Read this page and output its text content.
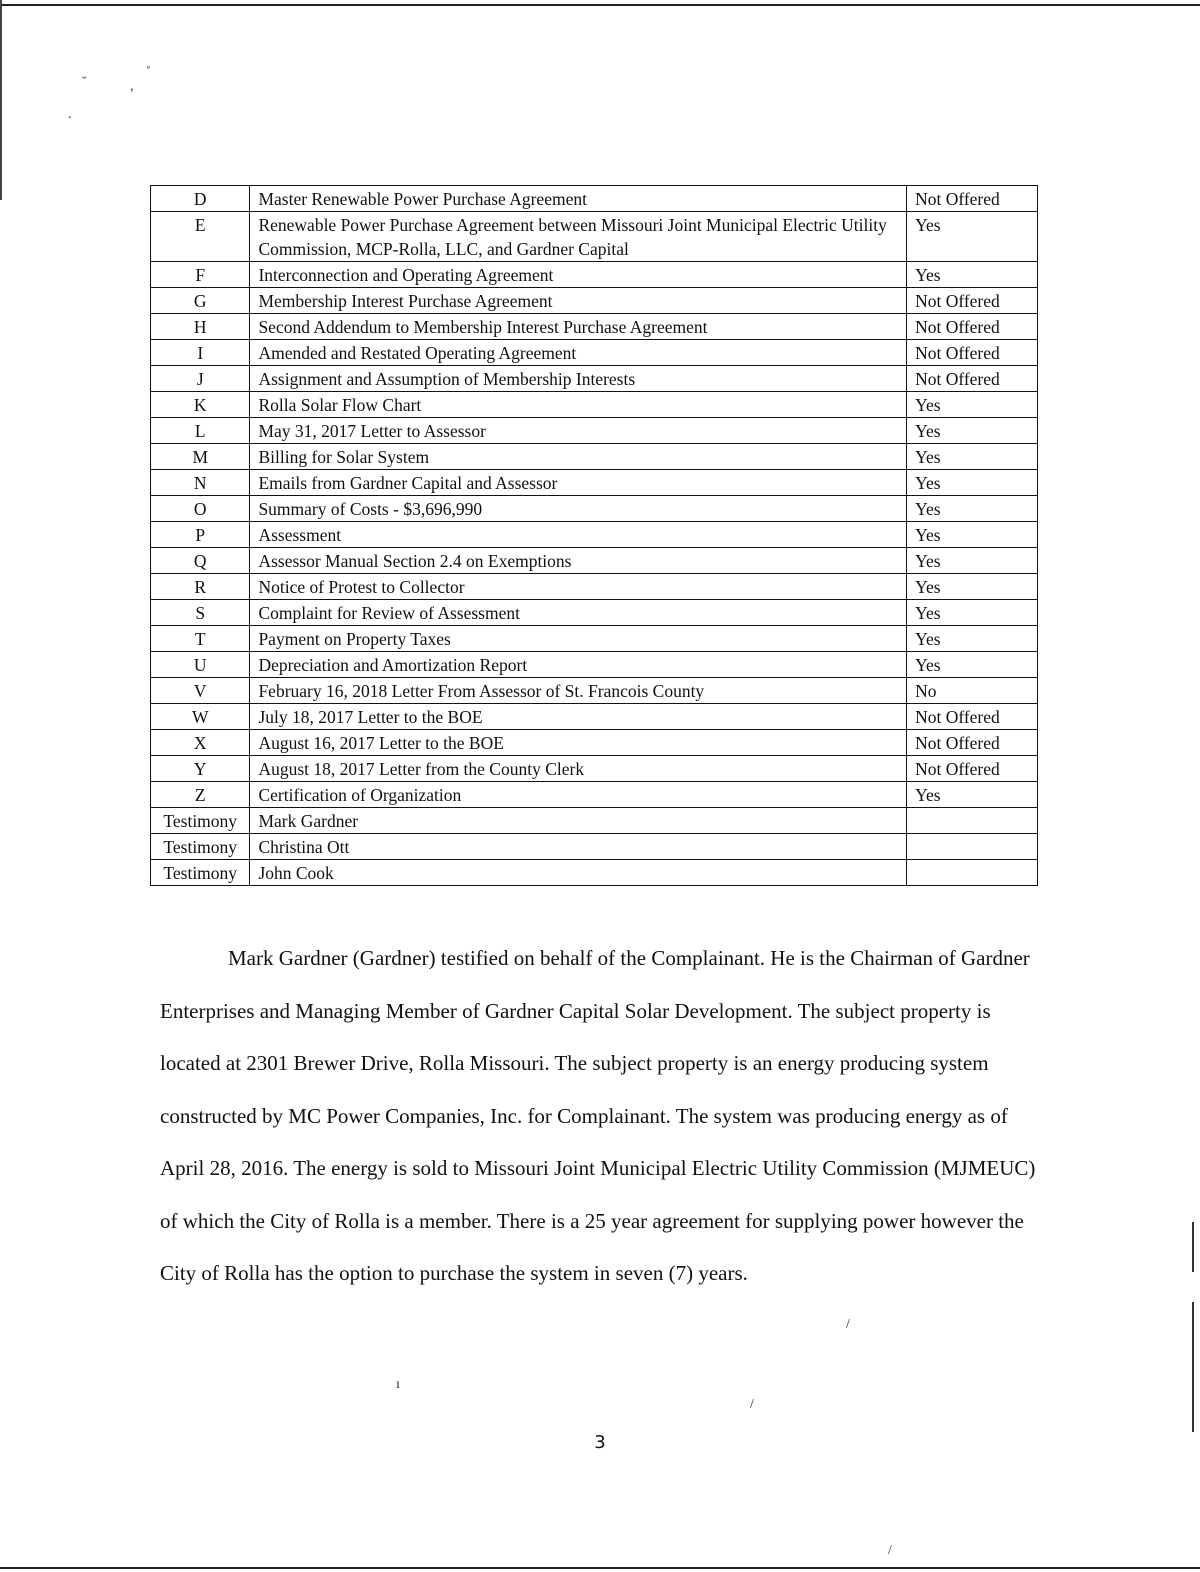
˘	,
˚
.
/
ı
/
/
D	Master Renewable Power Purchase Agreement	Not Offered
E	Renewable Power Purchase Agreement between Missouri Joint Municipal Electric Utility Commission, MCP-Rolla, LLC, and Gardner Capital	Yes
F	Interconnection and Operating Agreement	Yes
G	Membership Interest Purchase Agreement	Not Offered
H	Second Addendum to Membership Interest Purchase Agreement	Not Offered
I	Amended and Restated Operating Agreement	Not Offered
J	Assignment and Assumption of Membership Interests	Not Offered
K	Rolla Solar Flow Chart	Yes
L	May 31, 2017 Letter to Assessor	Yes
M	Billing for Solar System	Yes
N	Emails from Gardner Capital and Assessor	Yes
O	Summary of Costs - $3,696,990	Yes
P	Assessment	Yes
Q	Assessor Manual Section 2.4 on Exemptions	Yes
R	Notice of Protest to Collector	Yes
S	Complaint for Review of Assessment	Yes
T	Payment on Property Taxes	Yes
U	Depreciation and Amortization Report	Yes
V	February 16, 2018 Letter From Assessor of St. Francois County	No
W	July 18, 2017 Letter to the BOE	Not Offered
X	August 16, 2017 Letter to the BOE	Not Offered
Y	August 18, 2017 Letter from the County Clerk	Not Offered
Z	Certification of Organization	Yes
Testimony	Mark Gardner	
Testimony	Christina Ott	
Testimony	John Cook	

Mark Gardner (Gardner) testified on behalf of the Complainant. He is the Chairman of Gardner Enterprises and Managing Member of Gardner Capital Solar Development. The subject property is located at 2301 Brewer Drive, Rolla Missouri. The subject property is an energy producing system constructed by MC Power Companies, Inc. for Complainant. The system was producing energy as of April 28, 2016. The energy is sold to Missouri Joint Municipal Electric Utility Commission (MJMEUC) of which the City of Rolla is a member. There is a 25 year agreement for supplying power however the City of Rolla has the option to purchase the system in seven (7) years.

3
